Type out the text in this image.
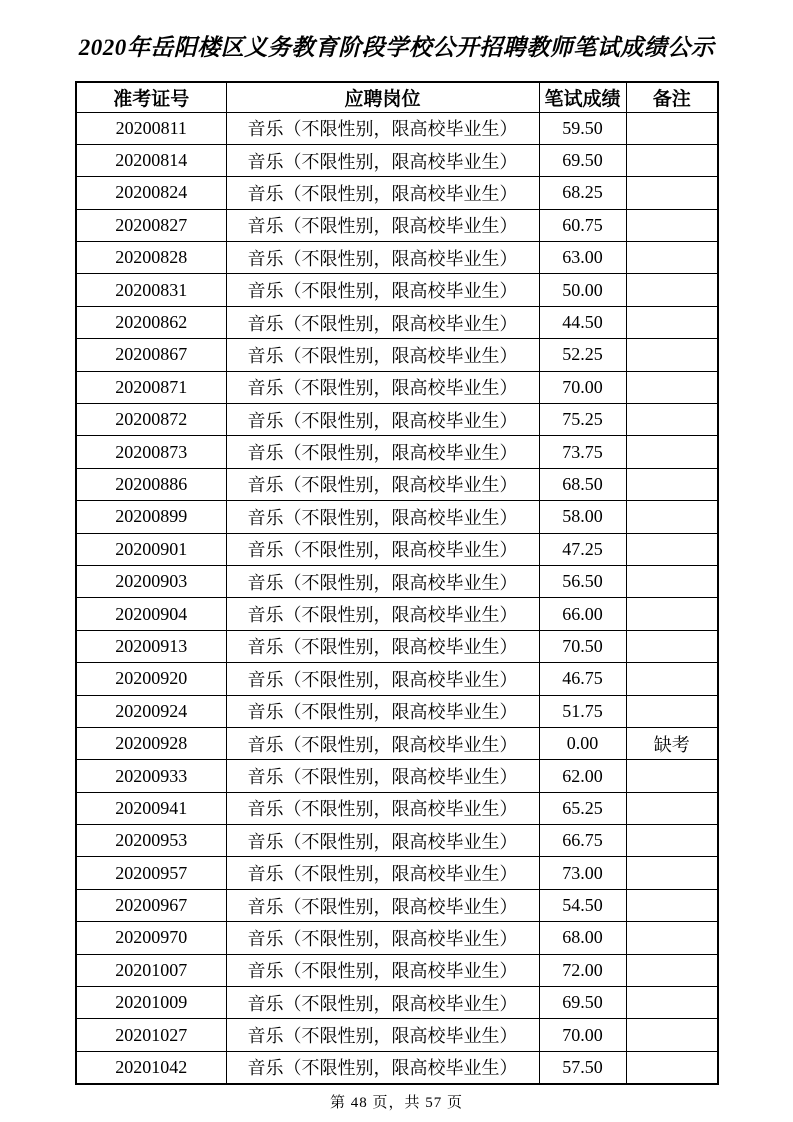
2020年岳阳楼区义务教育阶段学校公开招聘教师笔试成绩公示
准考证号	应聘岗位	笔试成绩	备注
20200811	音乐（不限性别，限高校毕业生）	59.50	
20200814	音乐（不限性别，限高校毕业生）	69.50	
20200824	音乐（不限性别，限高校毕业生）	68.25	
20200827	音乐（不限性别，限高校毕业生）	60.75	
20200828	音乐（不限性别，限高校毕业生）	63.00	
20200831	音乐（不限性别，限高校毕业生）	50.00	
20200862	音乐（不限性别，限高校毕业生）	44.50	
20200867	音乐（不限性别，限高校毕业生）	52.25	
20200871	音乐（不限性别，限高校毕业生）	70.00	
20200872	音乐（不限性别，限高校毕业生）	75.25	
20200873	音乐（不限性别，限高校毕业生）	73.75	
20200886	音乐（不限性别，限高校毕业生）	68.50	
20200899	音乐（不限性别，限高校毕业生）	58.00	
20200901	音乐（不限性别，限高校毕业生）	47.25	
20200903	音乐（不限性别，限高校毕业生）	56.50	
20200904	音乐（不限性别，限高校毕业生）	66.00	
20200913	音乐（不限性别，限高校毕业生）	70.50	
20200920	音乐（不限性别，限高校毕业生）	46.75	
20200924	音乐（不限性别，限高校毕业生）	51.75	
20200928	音乐（不限性别，限高校毕业生）	0.00	缺考
20200933	音乐（不限性别，限高校毕业生）	62.00	
20200941	音乐（不限性别，限高校毕业生）	65.25	
20200953	音乐（不限性别，限高校毕业生）	66.75	
20200957	音乐（不限性别，限高校毕业生）	73.00	
20200967	音乐（不限性别，限高校毕业生）	54.50	
20200970	音乐（不限性别，限高校毕业生）	68.00	
20201007	音乐（不限性别，限高校毕业生）	72.00	
20201009	音乐（不限性别，限高校毕业生）	69.50	
20201027	音乐（不限性别，限高校毕业生）	70.00	
20201042	音乐（不限性别，限高校毕业生）	57.50	
第 48 页，共 57 页
